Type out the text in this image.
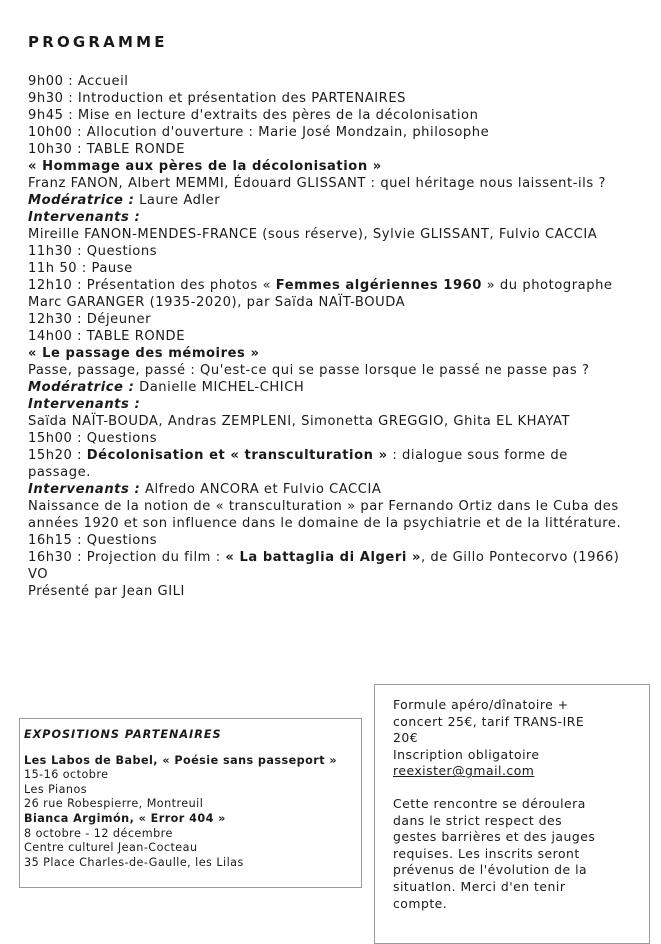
PROGRAMME
9h00 : Accueil
9h30 : Introduction et présentation des PARTENAIRES
9h45 : Mise en lecture d'extraits des pères de la décolonisation
10h00 : Allocution d'ouverture : Marie José Mondzain, philosophe
10h30 : TABLE RONDE
« Hommage aux pères de la décolonisation »
Franz FANON, Albert MEMMI, Édouard GLISSANT : quel héritage nous laissent-ils ?
Modératrice : Laure Adler
Intervenants :
Mireille FANON-MENDES-FRANCE (sous réserve), Sylvie GLISSANT, Fulvio CACCIA
11h30 : Questions
11h 50 : Pause
12h10 : Présentation des photos « Femmes algériennes 1960 » du photographe Marc GARANGER (1935-2020), par Saïda NAÏT-BOUDA
12h30 : Déjeuner
14h00 : TABLE RONDE
« Le passage des mémoires »
Passe, passage, passé : Qu'est-ce qui se passe lorsque le passé ne passe pas ?
Modératrice : Danielle MICHEL-CHICH
Intervenants :
Saïda NAÏT-BOUDA, Andras ZEMPLENI, Simonetta GREGGIO, Ghita EL KHAYAT
15h00 : Questions
15h20 : Décolonisation et « transculturation » : dialogue sous forme de passage.
Intervenants : Alfredo ANCORA et Fulvio CACCIA
Naissance de la notion de « transculturation » par Fernando Ortiz dans le Cuba des années 1920 et son influence dans le domaine de la psychiatrie et de la littérature.
16h15 : Questions
16h30 : Projection du film : « La battaglia di Algeri », de Gillo Pontecorvo (1966) VO
Présenté par Jean GILI
EXPOSITIONS PARTENAIRES
Les Labos de Babel, « Poésie sans passeport »
15-16 octobre
Les Pianos
26 rue Robespierre, Montreuil
Bianca Argimón, « Error 404 »
8 octobre - 12 décembre
Centre culturel Jean-Cocteau
35 Place Charles-de-Gaulle, les Lilas
Formule apéro/dînatoire +
concert 25€, tarif TRANS-IRE
20€
Inscription obligatoire
reexister@gmail.com
Cette rencontre se déroulera
dans le strict respect des
gestes barrières et des jauges
requises. Les inscrits seront
prévenus de l'évolution de la
situatIon. Merci d'en tenir
compte.
